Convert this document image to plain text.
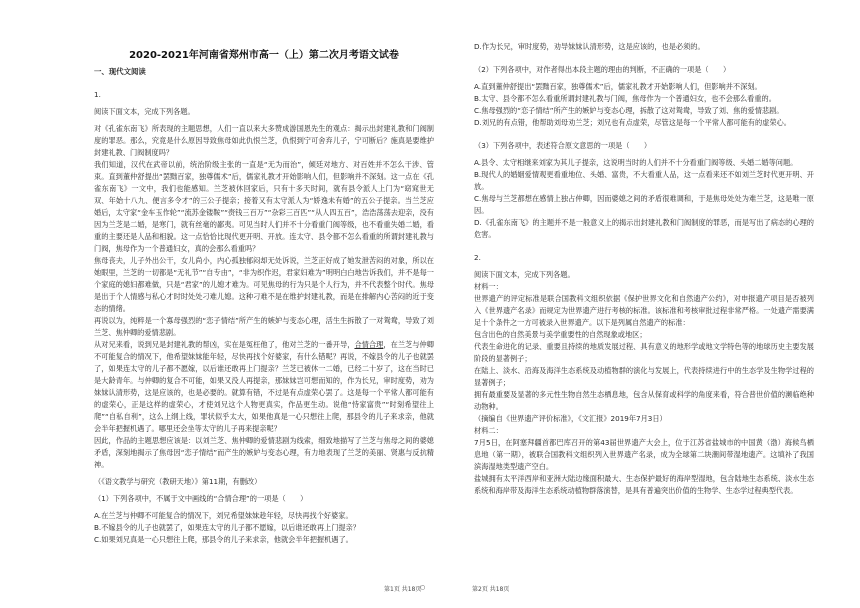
2020-2021年河南省郑州市高一（上）第二次月考语文试卷

一、现代文阅读

1.

阅读下面文本，完成下列各题。

对《孔雀东南飞》所表现的主题思想，人们一直以来大多赞成游国恩先生的观点：揭示出封建礼教和门阀制度的罪恶。那么，究竟是什么原因导致焦母如此仇恨兰芝，仇恨到宁可舍弃儿子，宁可断后？施真是要维护封建礼教、门阀制度吗？

我们知道，汉代在武帝以前，统治阶级主张的一直是“无为而治”，倾廷对地方、对百姓并不怎么干涉、管束。直到董仲舒提出“罢黜百家，独尊儒术”后，儒家礼教才开始影响人们，但影响并不深刻。这一点在《孔雀东南飞》一文中，我们也能感知。兰芝被休回家后，只有十多天时间，就有县令派人上门为“窈窕世无双、年始十八九、便言多令才”的三公子提亲；接着又有太守派人为“娇逸未有婚”的五公子提亲。当兰芝应婚后，太守家“金车玉作轮”“流苏金镂鞍”“赍钱三百万”“杂彩三百匹”“从人四五百”，浩浩荡荡去迎亲，没有因为兰芝是二婚，是寒门，就有丝毫的鄙夷。可见当时人们并不十分看重门阀等级，也不看重失婚二婚，看重的主要还是人品和相貌。这一点恰恰比现代更开明、开放。连太守、县令都不怎么看重的所谓封建礼教与门阀，焦母作为一个普通妇女，真的会那么看重吗？

焦母丧夫，儿子外出公干，女儿尚小，内心孤独郁闷却无处诉说，兰芝正好成了她发泄苦闷的对象，所以在她眼里，兰芝的一切都是“无礼节”“自专由”，“非为织作迟，君家妇难为”明明白白地告诉我们，并不是每一个家庭的媳妇都难做，只是“君家”的儿媳才难为。可见焦母的行为只是个人行为，并不代表整个时代。焦母是出于个人情感与私心才时时处处刁难儿媳。这种刁难不是在维护封建礼教，而是在排解内心苦闷的近于变态的情绪。

再说以为，纯粹是一个寡母强烈的“恋子情结”所产生的嫉妒与变态心理，活生生拆散了一对鸳鸯，导致了刘兰芝、焦仲卿的爱情悲剧。

从对兄来看，说到兄是封建礼教的帮凶，实在是冤枉他了，他对兰芝的一番开导，合情合理，在兰芝与仲卿不可能复合的情况下，他希望妹妹能年轻，尽快再找个好婆家，有什么错呢？再说，不嫁县令的儿子也就罢了，如果连太守的儿子都不愿嫁，以后谁还敢再上门提亲？兰芝已被休一二婚，已经二十岁了，这在当时已是大龄青年。与仲卿的复合不可能，如果又没人再提亲，那妹妹岂可想而知的，作为长兄，审时度势，劝为妹妹认清形势，这是应该的，也是必要的。就算有错，不过是有点虚荣心罢了。这是每一个平常人都可能有的虚荣心，正是这样的虚荣心，才使刘兄这个人物更真实，作品更生动。说他“恃家富贵”“时刻希望往上爬”“自私自利”，这么上纲上线，罪状似乎太大，如果他真是一心只想往上爬，那县令的儿子来求亲，他就会半年把握机遇了。哪里还会坐等太守的儿子再来提亲呢？

因此，作品的主题思想应该是：以刘兰芝、焦仲卿的爱情悲剧为线索，细致地描写了兰芝与焦母之间的婆媳矛盾，深刻地揭示了焦母因“恋子情结”而产生的嫉妒与变态心理，有力地表现了兰芝的美丽、贤惠与反抗精神。

（《语文教学与研究（教研天地）》第11期，有删改）

（1）下列各项中，不属于文中画线的“合情合理”的一项是（　　）

A.在兰芝与仲卿不可能复合的情况下，刘兄希望妹妹趁年轻，尽快再找个好婆家。

B.不嫁县令的儿子也就罢了，如果连太守的儿子都不愿嫁，以后谁还敢再上门提亲？

C.如果刘兄真是一心只想往上爬，那县令的儿子来求亲，他就会半年把握机遇了。

D.作为长兄，审时度势，劝导妹妹认清形势，这是应该的，也是必须的。

（2）下列各项中，对作者得出本段主题的理由的判断，不正确的一项是（　　）

A.直到董仲舒提出“罢黜百家，独尊儒术”后，儒家礼教才开始影响人们，但影响并不深刻。

B.太守、县令都不怎么看重所谓封建礼教与门阀，焦母作为一个普通妇女，也不会那么看重的。

C.焦母强烈的“恋子情结”所产生的嫉妒与变态心理，拆散了这对鸳鸯，导致了刘、焦的爱情悲剧。

D.刘兄的有点错，他帮助刘母劝兰芝；刘兄也有点虚荣，尽管这是每一个平常人都可能有的虚荣心。

（3）下列各项中，表述符合原文意思的一项是（　　）

A.县令、太守相继来刘家为其儿子提亲，这说明当时的人们并不十分看重门阀等级、头婚二婚等问题。

B.现代人的婚姻爱情观更看重地位、头婚、富贵，不大看重人品，这一点看来还不如刘兰芝时代更开明、开放。

C.焦母与兰芝都想在感情上独占仲卿，因而婆媳之间的矛盾很难调和，于是焦母处处为难兰芝，这是唯一原因。

D.《孔雀东南飞》的主题并不是一般意义上的揭示出封建礼教和门阀制度的罪恶，而是写出了病态的心理的危害。

2.

阅读下面文本，完成下列各题。

材料一：

世界遗产的评定标准是联合国教科文组织依据《保护世界文化和自然遗产公约》，对申报遗产项目是否被列入《世界遗产名录》而规定为世界遗产进行考核的标准。该标准和考核审批过程非常严格。一处遗产需要满足十个条件之一方可被录入世界遗产。以下是列属自然遗产的标准：

包含出色的自然美景与美学重要性的自然现象或地区；

代表生命进化的记录、重要且持续的地质发展过程、具有意义的地形学或地文学特色等的地球历史主要发展阶段的显著例子；

在陆上、淡水、沿海及海洋生态系统及动植物群的演化与发展上，代表持续进行中的生态学及生物学过程的显著例子；

拥有最重要及显著的多元性生物自然生态栖息地，包含从保育或科学的角度来看，符合普世价值的濒临绝种动物种。

（摘编自《世界遗产评价标准》，《文汇报》2019年7月3日）

材料二：

7月5日，在阿塞拜疆首都巴库召开的第43届世界遗产大会上，位于江苏省盐城市的中国黄（渤）海候鸟栖息地（第一期），被联合国教科文组织列入世界遗产名录，成为全球第二块潮间带湿地遗产。这填补了我国滨海湿地类型遗产空白。

盐城拥有太平洋西岸和亚洲大陆边缘面积最大、生态保护最好的海岸型湿地，包含陆地生态系统、淡水生态系统和海岸带及海洋生态系统动植物群落演替，是具有普遍突出价值的生物学、生态学过程典型代表。

第1页 共18页
○	第2页 共18页
